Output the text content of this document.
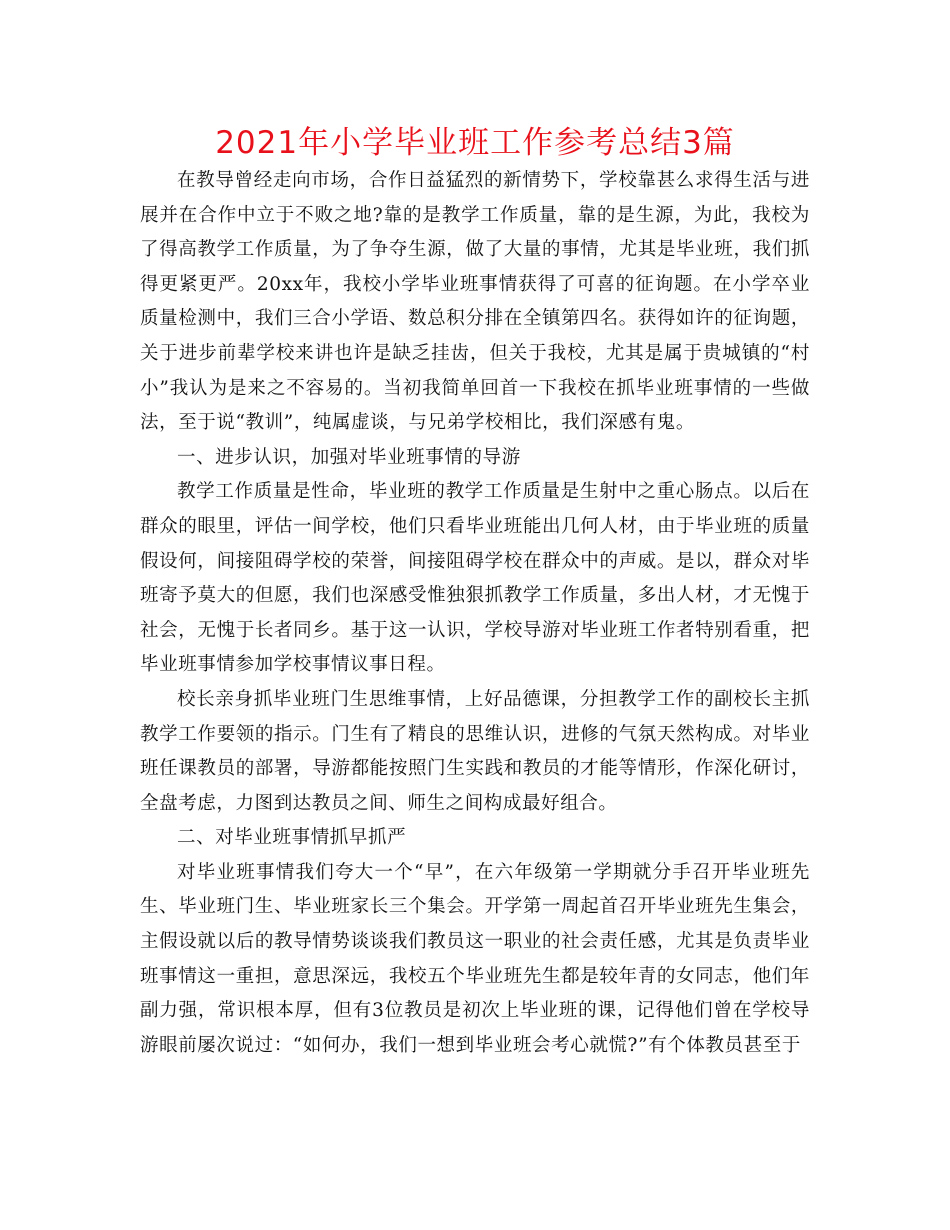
2021年小学毕业班工作参考总结3篇

在教导曾经走向市场，合作日益猛烈的新情势下，学校靠甚么求得生活与进展并在合作中立于不败之地?靠的是教学工作质量，靠的是生源，为此，我校为了得高教学工作质量，为了争夺生源，做了大量的事情，尤其是毕业班，我们抓得更紧更严。20xx年，我校小学毕业班事情获得了可喜的征询题。在小学卒业质量检测中，我们三合小学语、数总积分排在全镇第四名。获得如许的征询题，关于进步前辈学校来讲也许是缺乏挂齿，但关于我校，尤其是属于贵城镇的“村小”我认为是来之不容易的。当初我简单回首一下我校在抓毕业班事情的一些做法，至于说“教训”，纯属虚谈，与兄弟学校相比，我们深感有鬼。

一、进步认识，加强对毕业班事情的导游

教学工作质量是性命，毕业班的教学工作质量是生射中之重心肠点。以后在群众的眼里，评估一间学校，他们只看毕业班能出几何人材，由于毕业班的质量假设何，间接阻碍学校的荣誉，间接阻碍学校在群众中的声威。是以，群众对毕班寄予莫大的但愿，我们也深感受惟独狠抓教学工作质量，多出人材，才无愧于社会，无愧于长者同乡。基于这一认识，学校导游对毕业班工作者特别看重，把毕业班事情参加学校事情议事日程。

校长亲身抓毕业班门生思维事情，上好品德课，分担教学工作的副校长主抓教学工作要领的指示。门生有了精良的思维认识，进修的气氛天然构成。对毕业班任课教员的部署，导游都能按照门生实践和教员的才能等情形，作深化研讨，全盘考虑，力图到达教员之间、师生之间构成最好组合。

二、对毕业班事情抓早抓严

对毕业班事情我们夸大一个“早”，在六年级第一学期就分手召开毕业班先生、毕业班门生、毕业班家长三个集会。开学第一周起首召开毕业班先生集会，主假设就以后的教导情势谈谈我们教员这一职业的社会责任感，尤其是负责毕业班事情这一重担，意思深远，我校五个毕业班先生都是较年青的女同志，他们年副力强，常识根本厚，但有3位教员是初次上毕业班的课，记得他们曾在学校导游眼前屡次说过：“如何办，我们一想到毕业班会考心就慌?”有个体教员甚至于
